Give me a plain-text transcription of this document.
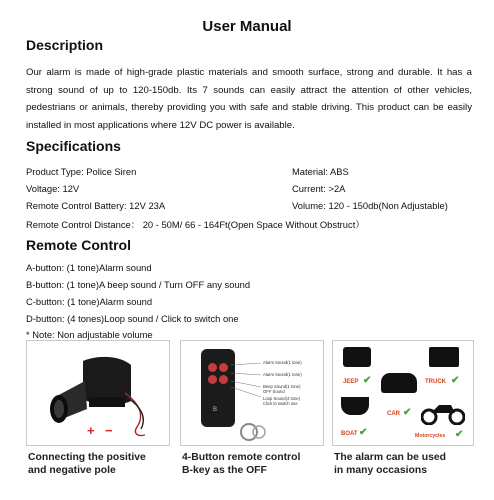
User Manual
Description
Our alarm is made of high-grade plastic materials and smooth surface, strong and durable. It has a strong sound of up to 120-150db. Its 7 sounds can easily attract the attention of other vehicles, pedestrians or animals, thereby providing you with safe and stable driving. This product can be easily installed in most applications where 12V DC power is available.
Specifications
Product Type: Police Siren	Material: ABS
Voltage: 12V	Current: >2A
Remote Control Battery: 12V 23A	Volume: 120 - 150db(Non Adjustable)
Remote Control Distance： 20 - 50M/ 66 - 164Ft(Open Space Without Obstruct）
Remote Control
A-button: (1 tone)Alarm sound
B-button: (1 tone)A beep sound / Turn OFF any sound
C-button: (1 tone)Alarm sound
D-button: (4 tones)Loop sound / Click to switch one
* Note: Non adjustable volume
+ −
B
Alarm Sound(1 tone)
Alarm Sound(1 tone)
Beep Sound(1 tone)
OFF Sound
Loop Sound(4 tone)
Click to switch one
JEEP ✔	TRUCK ✔
CAR ✔
BOAT ✔	Motorcycles ✔
Connecting the positive
and negative pole
4-Button remote control
B-key as the OFF
The alarm can be used
in many occasions
